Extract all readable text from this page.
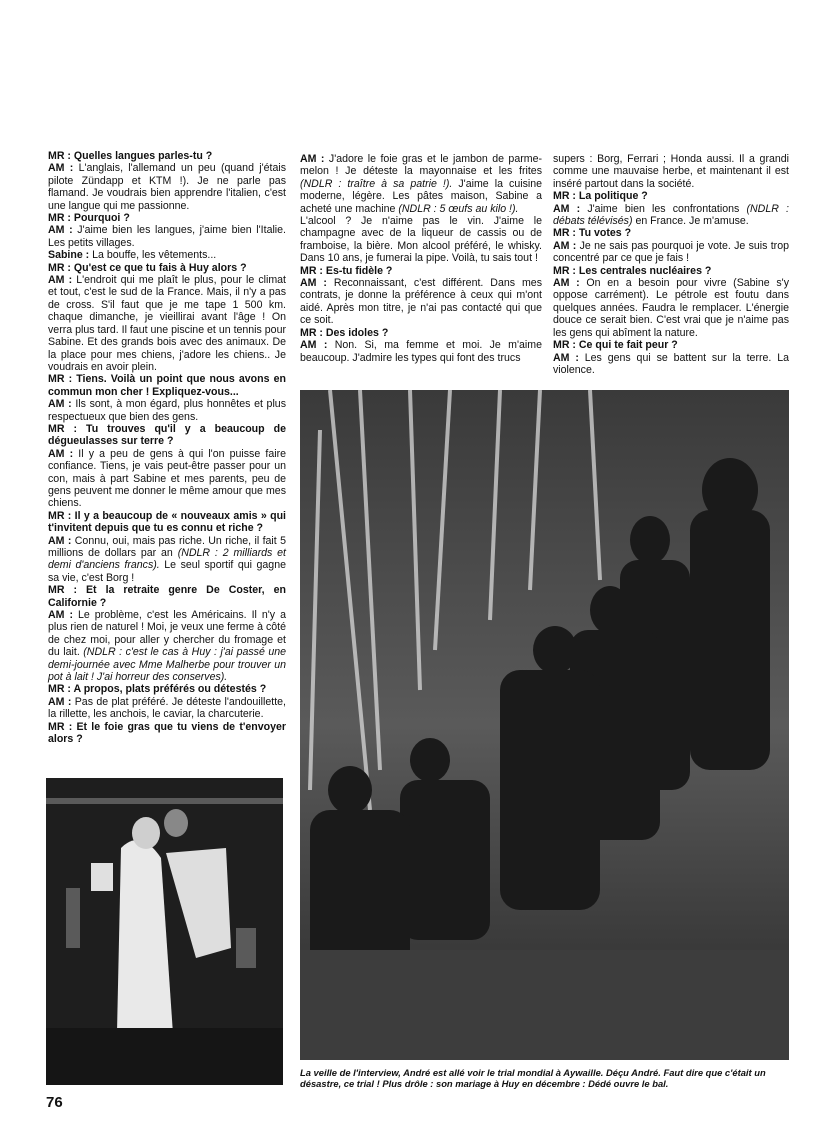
MR : Quelles langues parles-tu ?

AM : L'anglais, l'allemand un peu (quand j'étais pilote Zündapp et KTM !). Je ne parle pas flamand. Je voudrais bien apprendre l'italien, c'est une langue qui me passionne.

MR : Pourquoi ?

AM : J'aime bien les langues, j'aime bien l'Italie. Les petits villages.

Sabine : La bouffe, les vêtements...

MR : Qu'est ce que tu fais à Huy alors ?

AM : L'endroit qui me plaît le plus, pour le climat et tout, c'est le sud de la France. Mais, il n'y a pas de cross. S'il faut que je me tape 1 500 km. chaque dimanche, je vieillirai avant l'âge ! On verra plus tard. Il faut une piscine et un tennis pour Sabine. Et des grands bois avec des animaux. De la place pour mes chiens, j'adore les chiens.. Je voudrais en avoir plein.

MR : Tiens. Voilà un point que nous avons en commun mon cher ! Expliquez-vous...

AM : Ils sont, à mon égard, plus honnêtes et plus respectueux que bien des gens.

MR : Tu trouves qu'il y a beaucoup de dégueulasses sur terre ?

AM : Il y a peu de gens à qui l'on puisse faire confiance. Tiens, je vais peut-être passer pour un con, mais à part Sabine et mes parents, peu de gens peuvent me donner le même amour que mes chiens.

MR : Il y a beaucoup de « nouveaux amis » qui t'invitent depuis que tu es connu et riche ?

AM : Connu, oui, mais pas riche. Un riche, il fait 5 millions de dollars par an (NDLR : 2 milliards et demi d'anciens francs). Le seul sportif qui gagne sa vie, c'est Borg !

MR : Et la retraite genre De Coster, en Californie ?

AM : Le problème, c'est les Américains. Il n'y a plus rien de naturel ! Moi, je veux une ferme à côté de chez moi, pour aller y chercher du fromage et du lait. (NDLR : c'est le cas à Huy : j'ai passé une demi-journée avec Mme Malherbe pour trouver un pot à lait ! J'ai horreur des conserves).

MR : A propos, plats préférés ou détestés ?

AM : Pas de plat préféré. Je déteste l'andouillette, la rillette, les anchois, le caviar, la charcuterie.

MR : Et le foie gras que tu viens de t'envoyer alors ?

AM : J'adore le foie gras et le jambon de parme-melon ! Je déteste la mayonnaise et les frites (NDLR : traître à sa patrie !). J'aime la cuisine moderne, légère. Les pâtes maison, Sabine a acheté une machine (NDLR : 5 œufs au kilo !).

L'alcool ? Je n'aime pas le vin. J'aime le champagne avec de la liqueur de cassis ou de framboise, la bière. Mon alcool préféré, le whisky. Dans 10 ans, je fumerai la pipe. Voilà, tu sais tout !

MR : Es-tu fidèle ?

AM : Reconnaissant, c'est différent. Dans mes contrats, je donne la préférence à ceux qui m'ont aidé. Après mon titre, je n'ai pas contacté qui que ce soit.

MR : Des idoles ?

AM : Non. Si, ma femme et moi. Je m'aime beaucoup. J'admire les types qui font des trucs

supers : Borg, Ferrari ; Honda aussi. Il a grandi comme une mauvaise herbe, et maintenant il est inséré partout dans la société.

MR : La politique ?

AM : J'aime bien les confrontations (NDLR : débats télévisés) en France. Je m'amuse.

MR : Tu votes ?

AM : Je ne sais pas pourquoi je vote. Je suis trop concentré par ce que je fais !

MR : Les centrales nucléaires ?

AM : On en a besoin pour vivre (Sabine s'y oppose carrément). Le pétrole est foutu dans quelques années. Faudra le remplacer. L'énergie douce ce serait bien. C'est vrai que je n'aime pas les gens qui abîment la nature.

MR : Ce qui te fait peur ?

AM : Les gens qui se battent sur la terre. La violence.

La veille de l'interview, André est allé voir le trial mondial à Aywaille. Déçu André. Faut dire que c'était un désastre, ce trial ! Plus drôle : son mariage à Huy en décembre : Dédé ouvre le bal.
76
